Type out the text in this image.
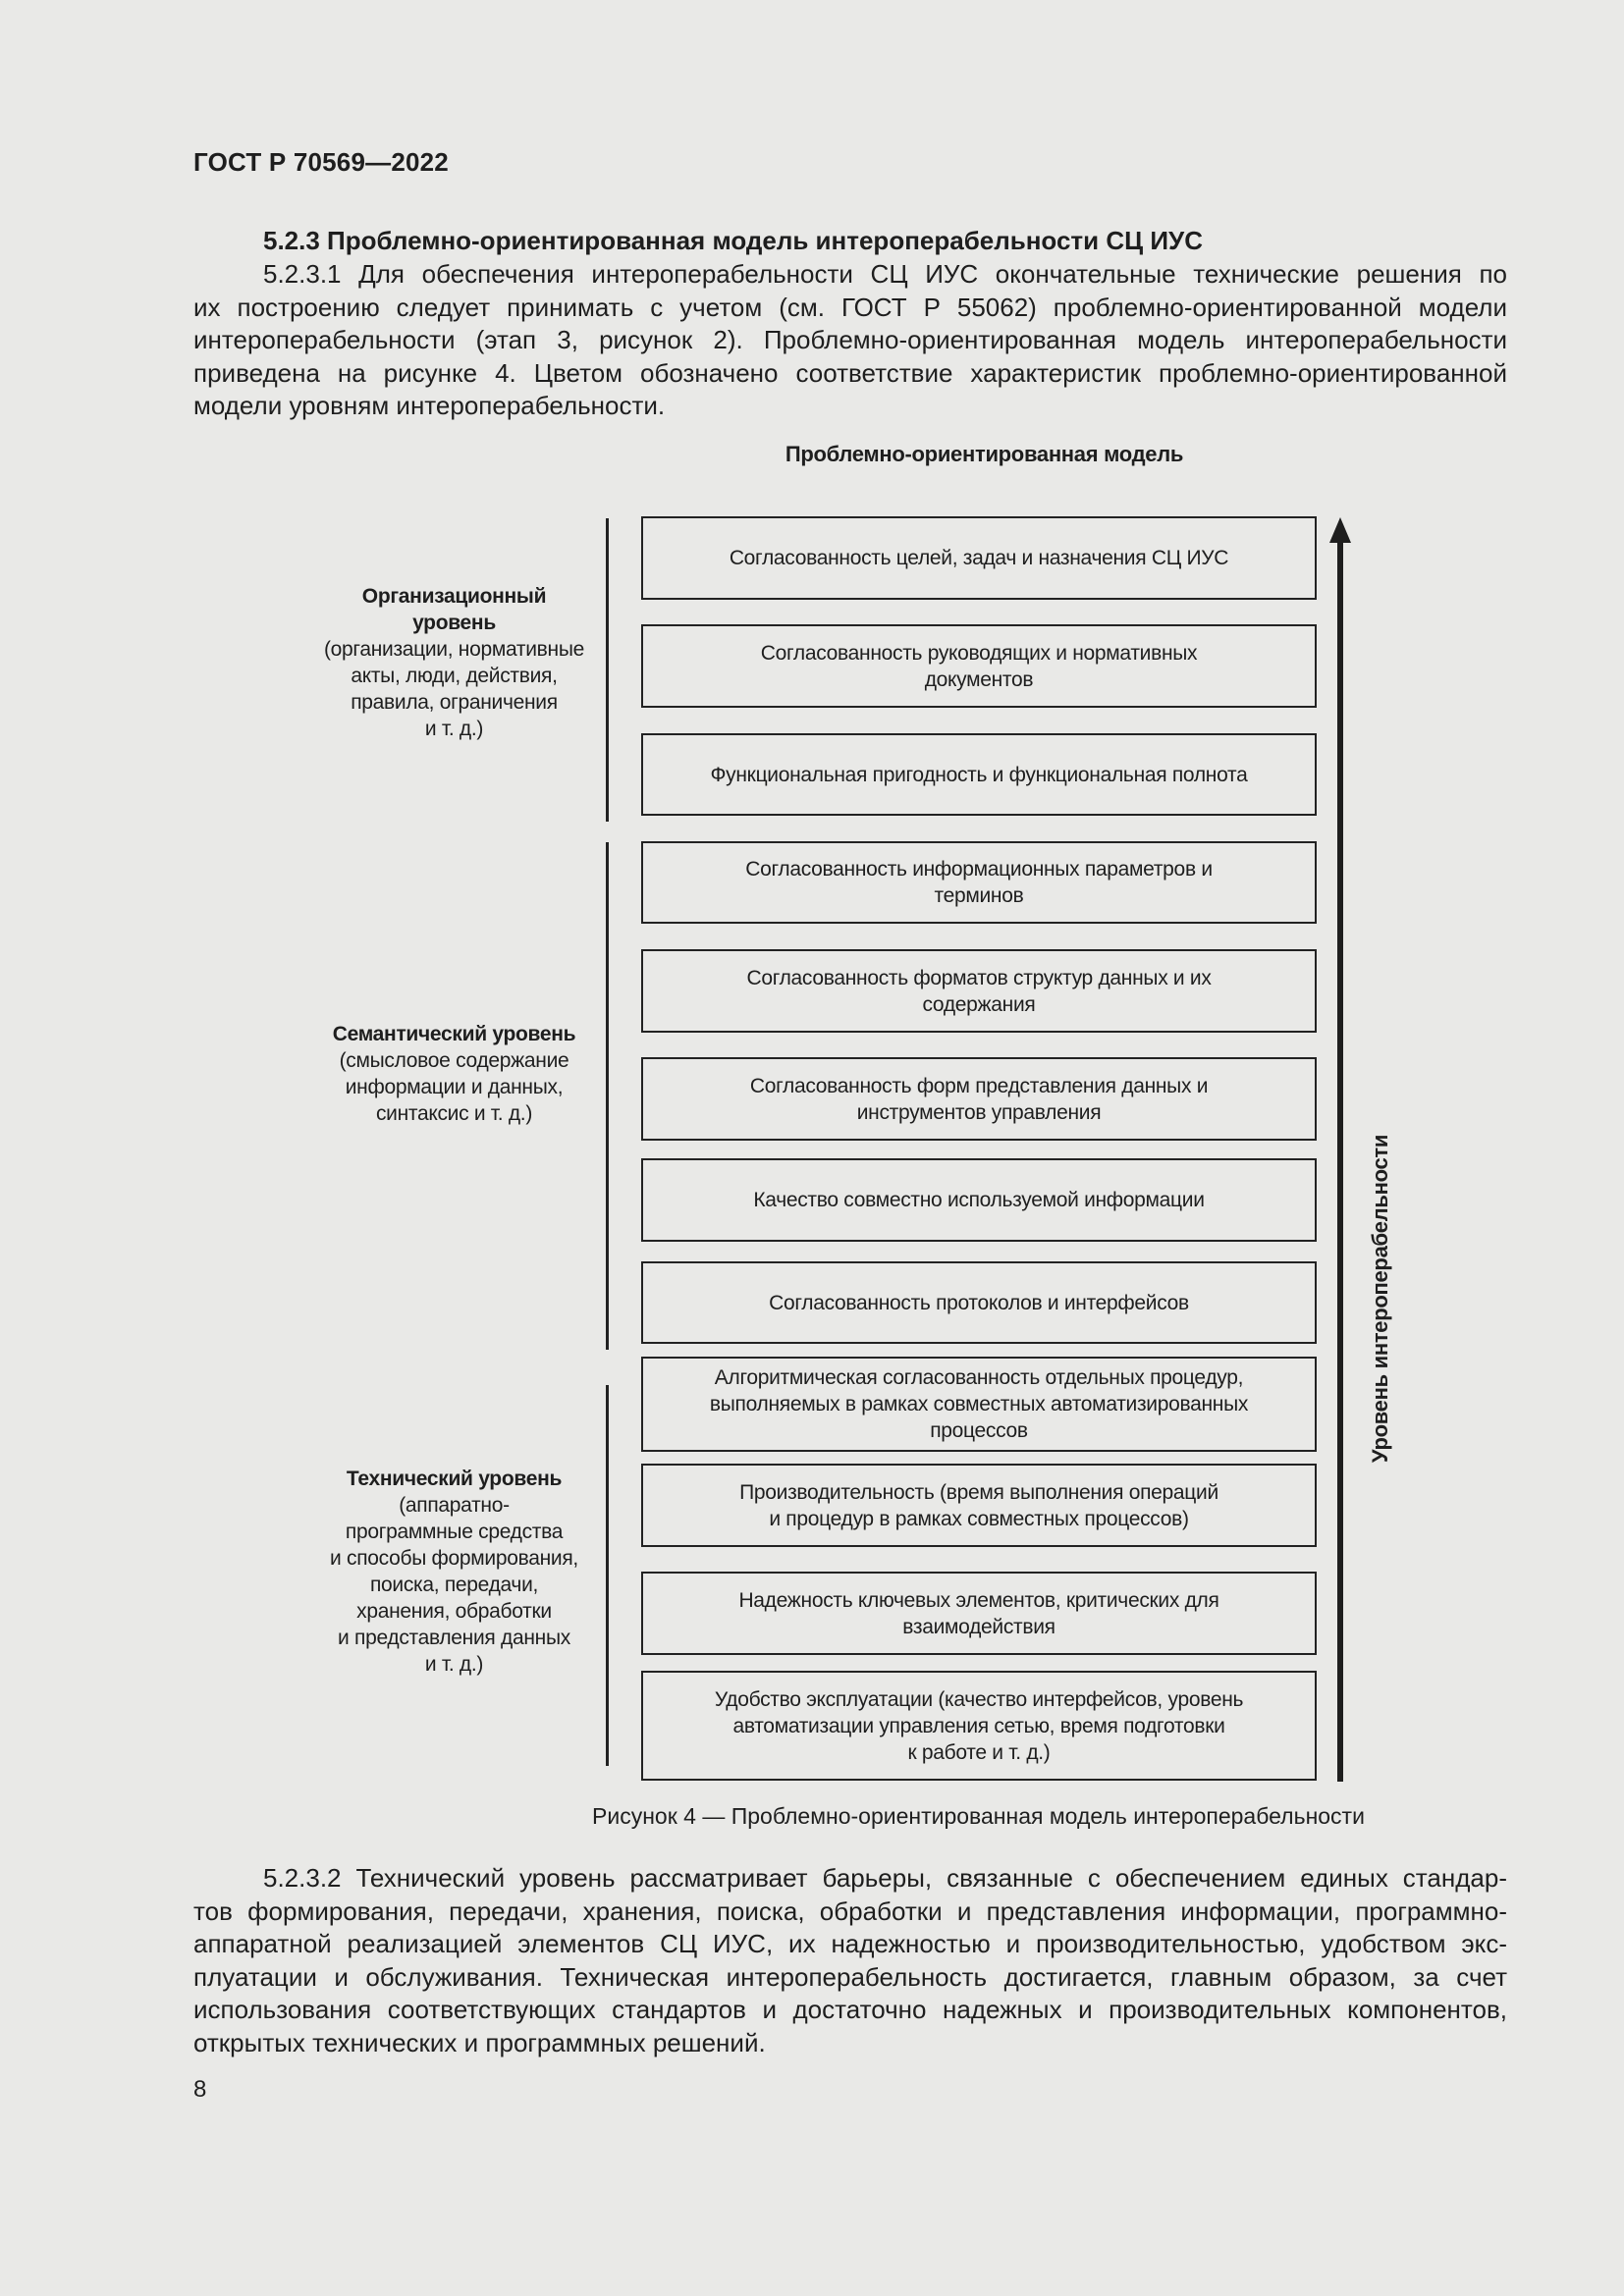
ГОСТ Р 70569—2022
5.2.3 Проблемно-ориентированная модель интероперабельности СЦ ИУС
5.2.3.1 Для обеспечения интероперабельности СЦ ИУС окончательные технические решения по
их построению следует принимать с учетом (см. ГОСТ Р 55062) проблемно-ориентированной модели
интероперабельности (этап 3, рисунок 2). Проблемно-ориентированная модель интероперабельности
приведена на рисунке 4. Цветом обозначено соответствие характеристик проблемно-ориентированной
модели уровням интероперабельности.
Проблемно-ориентированная модель
Организационный
уровень
(организации, нормативные
акты, люди, действия,
правила, ограничения
и т. д.)
Семантический уровень
(смысловое содержание
информации и данных,
синтаксис и т. д.)
Технический уровень
(аппаратно-
программные средства
и способы формирования,
поиска, передачи,
хранения, обработки
и представления данных
и т. д.)
Согласованность целей, задач и назначения СЦ ИУС
Согласованность руководящих и нормативных
документов
Функциональная пригодность и функциональная полнота
Согласованность информационных параметров и
терминов
Согласованность форматов структур данных и их
содержания
Согласованность форм представления данных и
инструментов управления
Качество совместно используемой информации
Согласованность протоколов и интерфейсов
Алгоритмическая согласованность отдельных процедур,
выполняемых в рамках совместных автоматизированных
процессов
Производительность (время выполнения операций
и процедур в рамках совместных процессов)
Надежность ключевых элементов, критических для
взаимодействия
Удобство эксплуатации (качество интерфейсов, уровень
автоматизации управления сетью, время подготовки
к работе и т. д.)
Уровень интероперабельности
Рисунок 4 — Проблемно-ориентированная модель интероперабельности
5.2.3.2 Технический уровень рассматривает барьеры, связанные с обеспечением единых стандар-
тов формирования, передачи, хранения, поиска, обработки и представления информации, программно-
аппаратной реализацией элементов СЦ ИУС, их надежностью и производительностью, удобством экс-
плуатации и обслуживания. Техническая интероперабельность достигается, главным образом, за счет
использования соответствующих стандартов и достаточно надежных и производительных компонентов,
открытых технических и программных решений.
8
